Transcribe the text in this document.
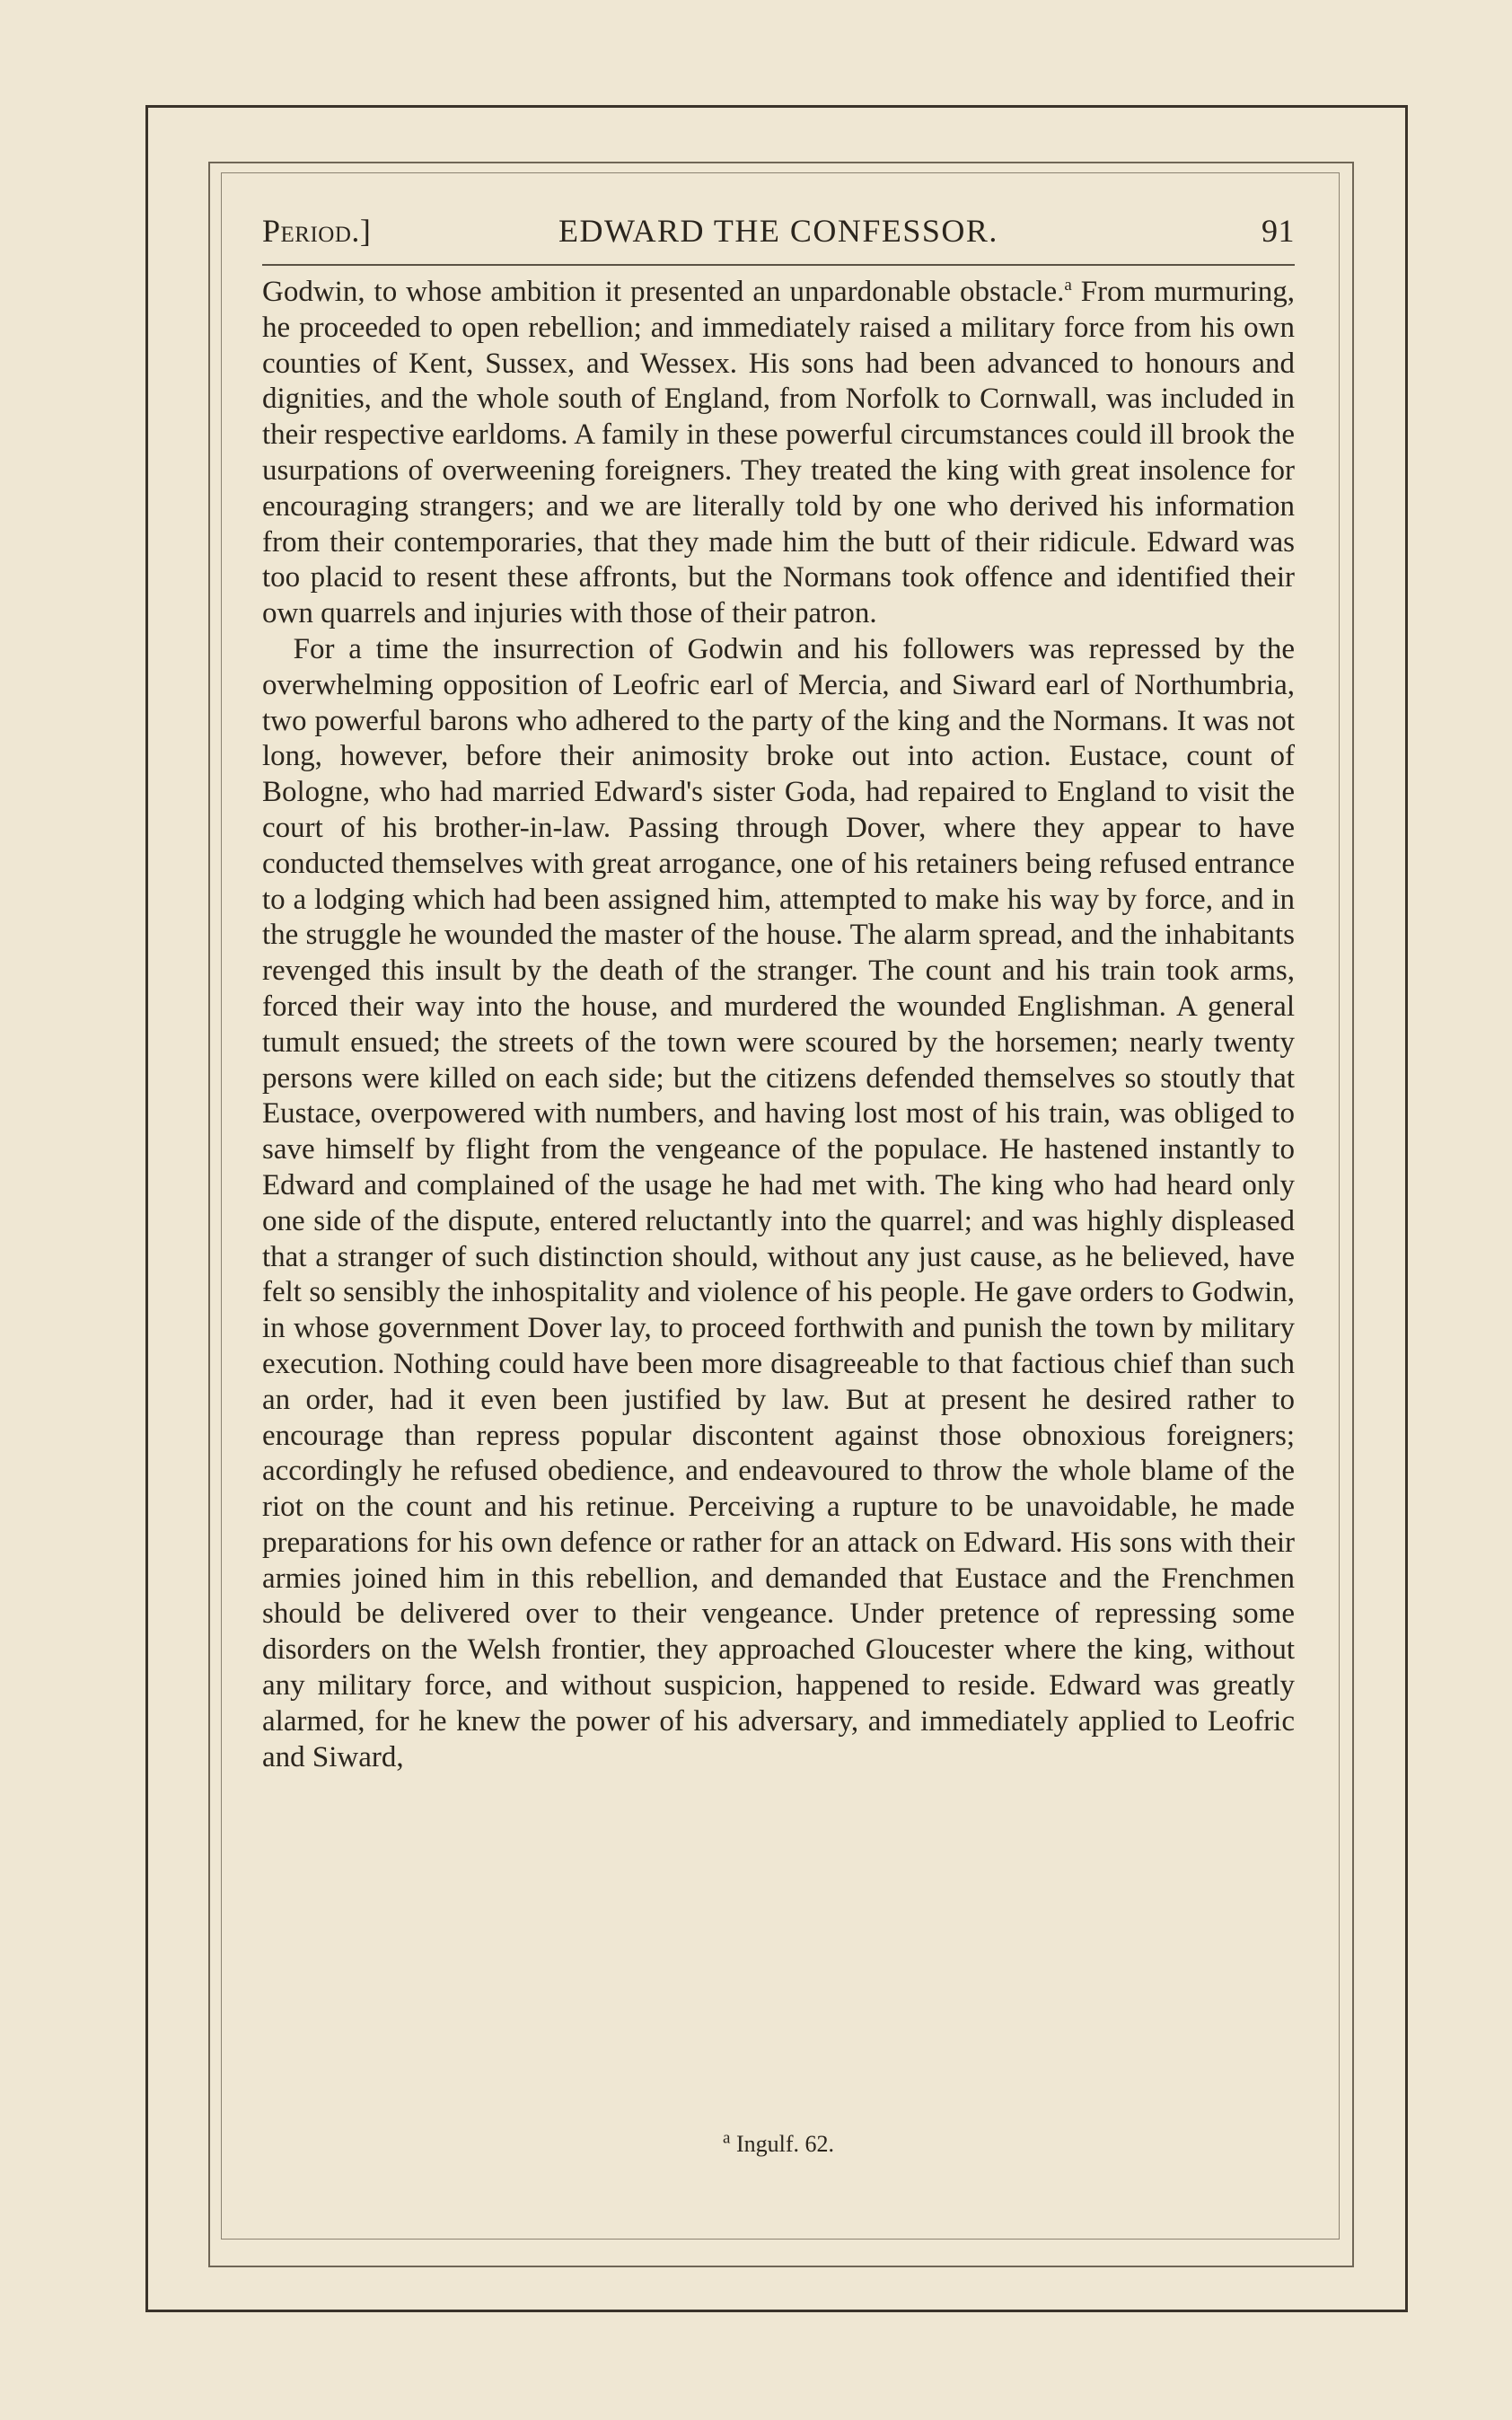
Period.]	EDWARD THE CONFESSOR.	91

Godwin, to whose ambition it presented an unpardonable obstacle.$^a$ From murmuring, he proceeded to open rebellion; and immediately raised a military force from his own counties of Kent, Sussex, and Wessex. His sons had been advanced to honours and dignities, and the whole south of England, from Norfolk to Cornwall, was included in their respective earldoms. A family in these powerful circumstances could ill brook the usurpations of overweening foreigners. They treated the king with great insolence for encouraging strangers; and we are literally told by one who derived his information from their contemporaries, that they made him the butt of their ridicule. Edward was too placid to resent these affronts, but the Normans took offence and identified their own quarrels and injuries with those of their patron.

For a time the insurrection of Godwin and his followers was repressed by the overwhelming opposition of Leofric earl of Mercia, and Siward earl of Northumbria, two powerful barons who adhered to the party of the king and the Normans. It was not long, however, before their animosity broke out into action. Eustace, count of Bologne, who had married Edward's sister Goda, had repaired to England to visit the court of his brother-in-law. Passing through Dover, where they appear to have conducted themselves with great arrogance, one of his retainers being refused entrance to a lodging which had been assigned him, attempted to make his way by force, and in the struggle he wounded the master of the house. The alarm spread, and the inhabitants revenged this insult by the death of the stranger. The count and his train took arms, forced their way into the house, and murdered the wounded Englishman. A general tumult ensued; the streets of the town were scoured by the horsemen; nearly twenty persons were killed on each side; but the citizens defended themselves so stoutly that Eustace, overpowered with numbers, and having lost most of his train, was obliged to save himself by flight from the vengeance of the populace. He hastened instantly to Edward and complained of the usage he had met with. The king who had heard only one side of the dispute, entered reluctantly into the quarrel; and was highly displeased that a stranger of such distinction should, without any just cause, as he believed, have felt so sensibly the inhospitality and violence of his people. He gave orders to Godwin, in whose government Dover lay, to proceed forthwith and punish the town by military execution. Nothing could have been more disagreeable to that factious chief than such an order, had it even been justified by law. But at present he desired rather to encourage than repress popular discontent against those obnoxious foreigners; accordingly he refused obedience, and endeavoured to throw the whole blame of the riot on the count and his retinue. Perceiving a rupture to be unavoidable, he made preparations for his own defence or rather for an attack on Edward. His sons with their armies joined him in this rebellion, and demanded that Eustace and the Frenchmen should be delivered over to their vengeance. Under pretence of repressing some disorders on the Welsh frontier, they approached Gloucester where the king, without any military force, and without suspicion, happened to reside. Edward was greatly alarmed, for he knew the power of his adversary, and immediately applied to Leofric and Siward,

$^a$ Ingulf. 62.
